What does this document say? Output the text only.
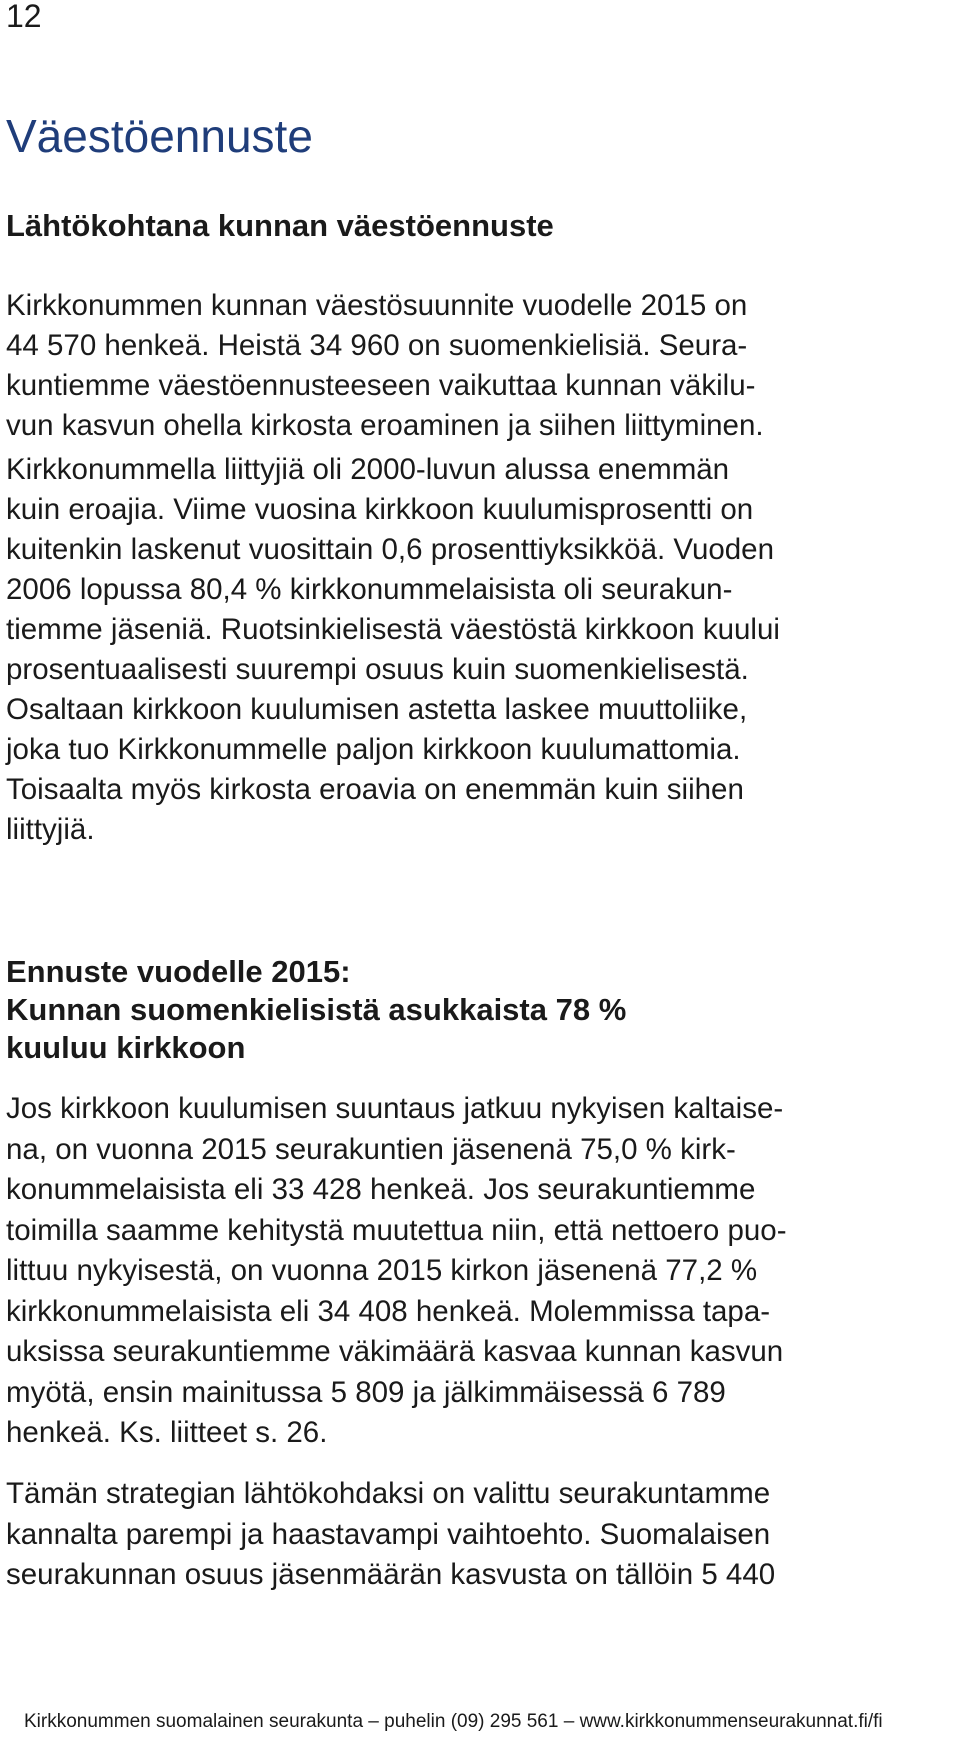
12
Väestöennuste
Lähtökohtana kunnan väestöennuste

Kirkkonummen kunnan väestösuunnite vuodelle 2015 on
44 570 henkeä. Heistä 34 960 on suomenkielisiä. Seura-
kuntiemme väestöennusteeseen vaikuttaa kunnan väkilu-
vun kasvun ohella kirkosta eroaminen ja siihen liittyminen.

Kirkkonummella liittyjiä oli 2000-luvun alussa enemmän
kuin eroajia. Viime vuosina kirkkoon kuulumisprosentti on
kuitenkin laskenut vuosittain 0,6 prosenttiyksikköä. Vuoden
2006 lopussa 80,4 % kirkkonummelaisista oli seurakun-
tiemme jäseniä. Ruotsinkielisestä väestöstä kirkkoon kuului
prosentuaalisesti suurempi osuus kuin suomenkielisestä.
Osaltaan kirkkoon kuulumisen astetta laskee muuttoliike,
joka tuo Kirkkonummelle paljon kirkkoon kuulumattomia.
Toisaalta myös kirkosta eroavia on enemmän kuin siihen
liittyjiä.

Ennuste vuodelle 2015:
Kunnan suomenkielisistä asukkaista 78 %
kuuluu kirkkoon

Jos kirkkoon kuulumisen suuntaus jatkuu nykyisen kaltaise-
na, on vuonna 2015 seurakuntien jäsenenä 75,0 % kirk-
konummelaisista eli 33 428 henkeä. Jos seurakuntiemme
toimilla saamme kehitystä muutettua niin, että nettoero puo-
littuu nykyisestä, on vuonna 2015 kirkon jäsenenä 77,2 %
kirkkonummelaisista eli 34 408 henkeä. Molemmissa tapa-
uksissa seurakuntiemme väkimäärä kasvaa kunnan kasvun
myötä, ensin mainitussa 5 809 ja jälkimmäisessä 6 789
henkeä. Ks. liitteet s. 26.

Tämän strategian lähtökohdaksi on valittu seurakuntamme
kannalta parempi ja haastavampi vaihtoehto. Suomalaisen
seurakunnan osuus jäsenmäärän kasvusta on tällöin 5 440

Kirkkonummen suomalainen seurakunta – puhelin (09) 295 561 – www.kirkkonummenseurakunnat.fi/fi
